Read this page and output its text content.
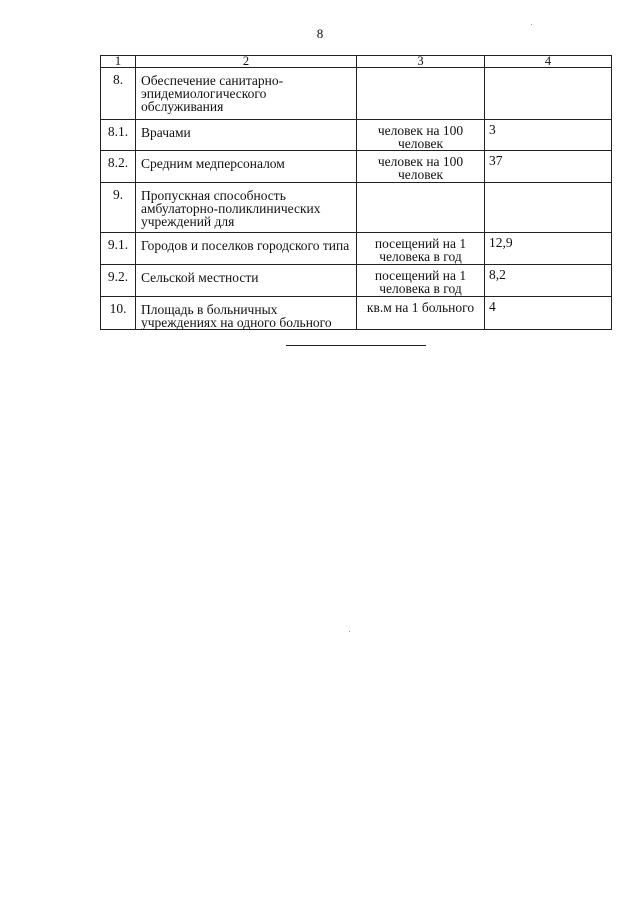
8
1	2	3	4
8.	Обеспечение санитарно-эпидемиологического обслуживания		
8.1.	Врачами	человек на 100 человек	3
8.2.	Средним медперсоналом	человек на 100 человек	37
9.	Пропускная способность амбулаторно-поликлинических учреждений для		
9.1.	Городов и поселков городского типа	посещений на 1 человека в год	12,9
9.2.	Сельской местности	посещений на 1 человека в год	8,2
10.	Площадь в больничных учреждениях на одного больного	кв.м на 1 больного	4
